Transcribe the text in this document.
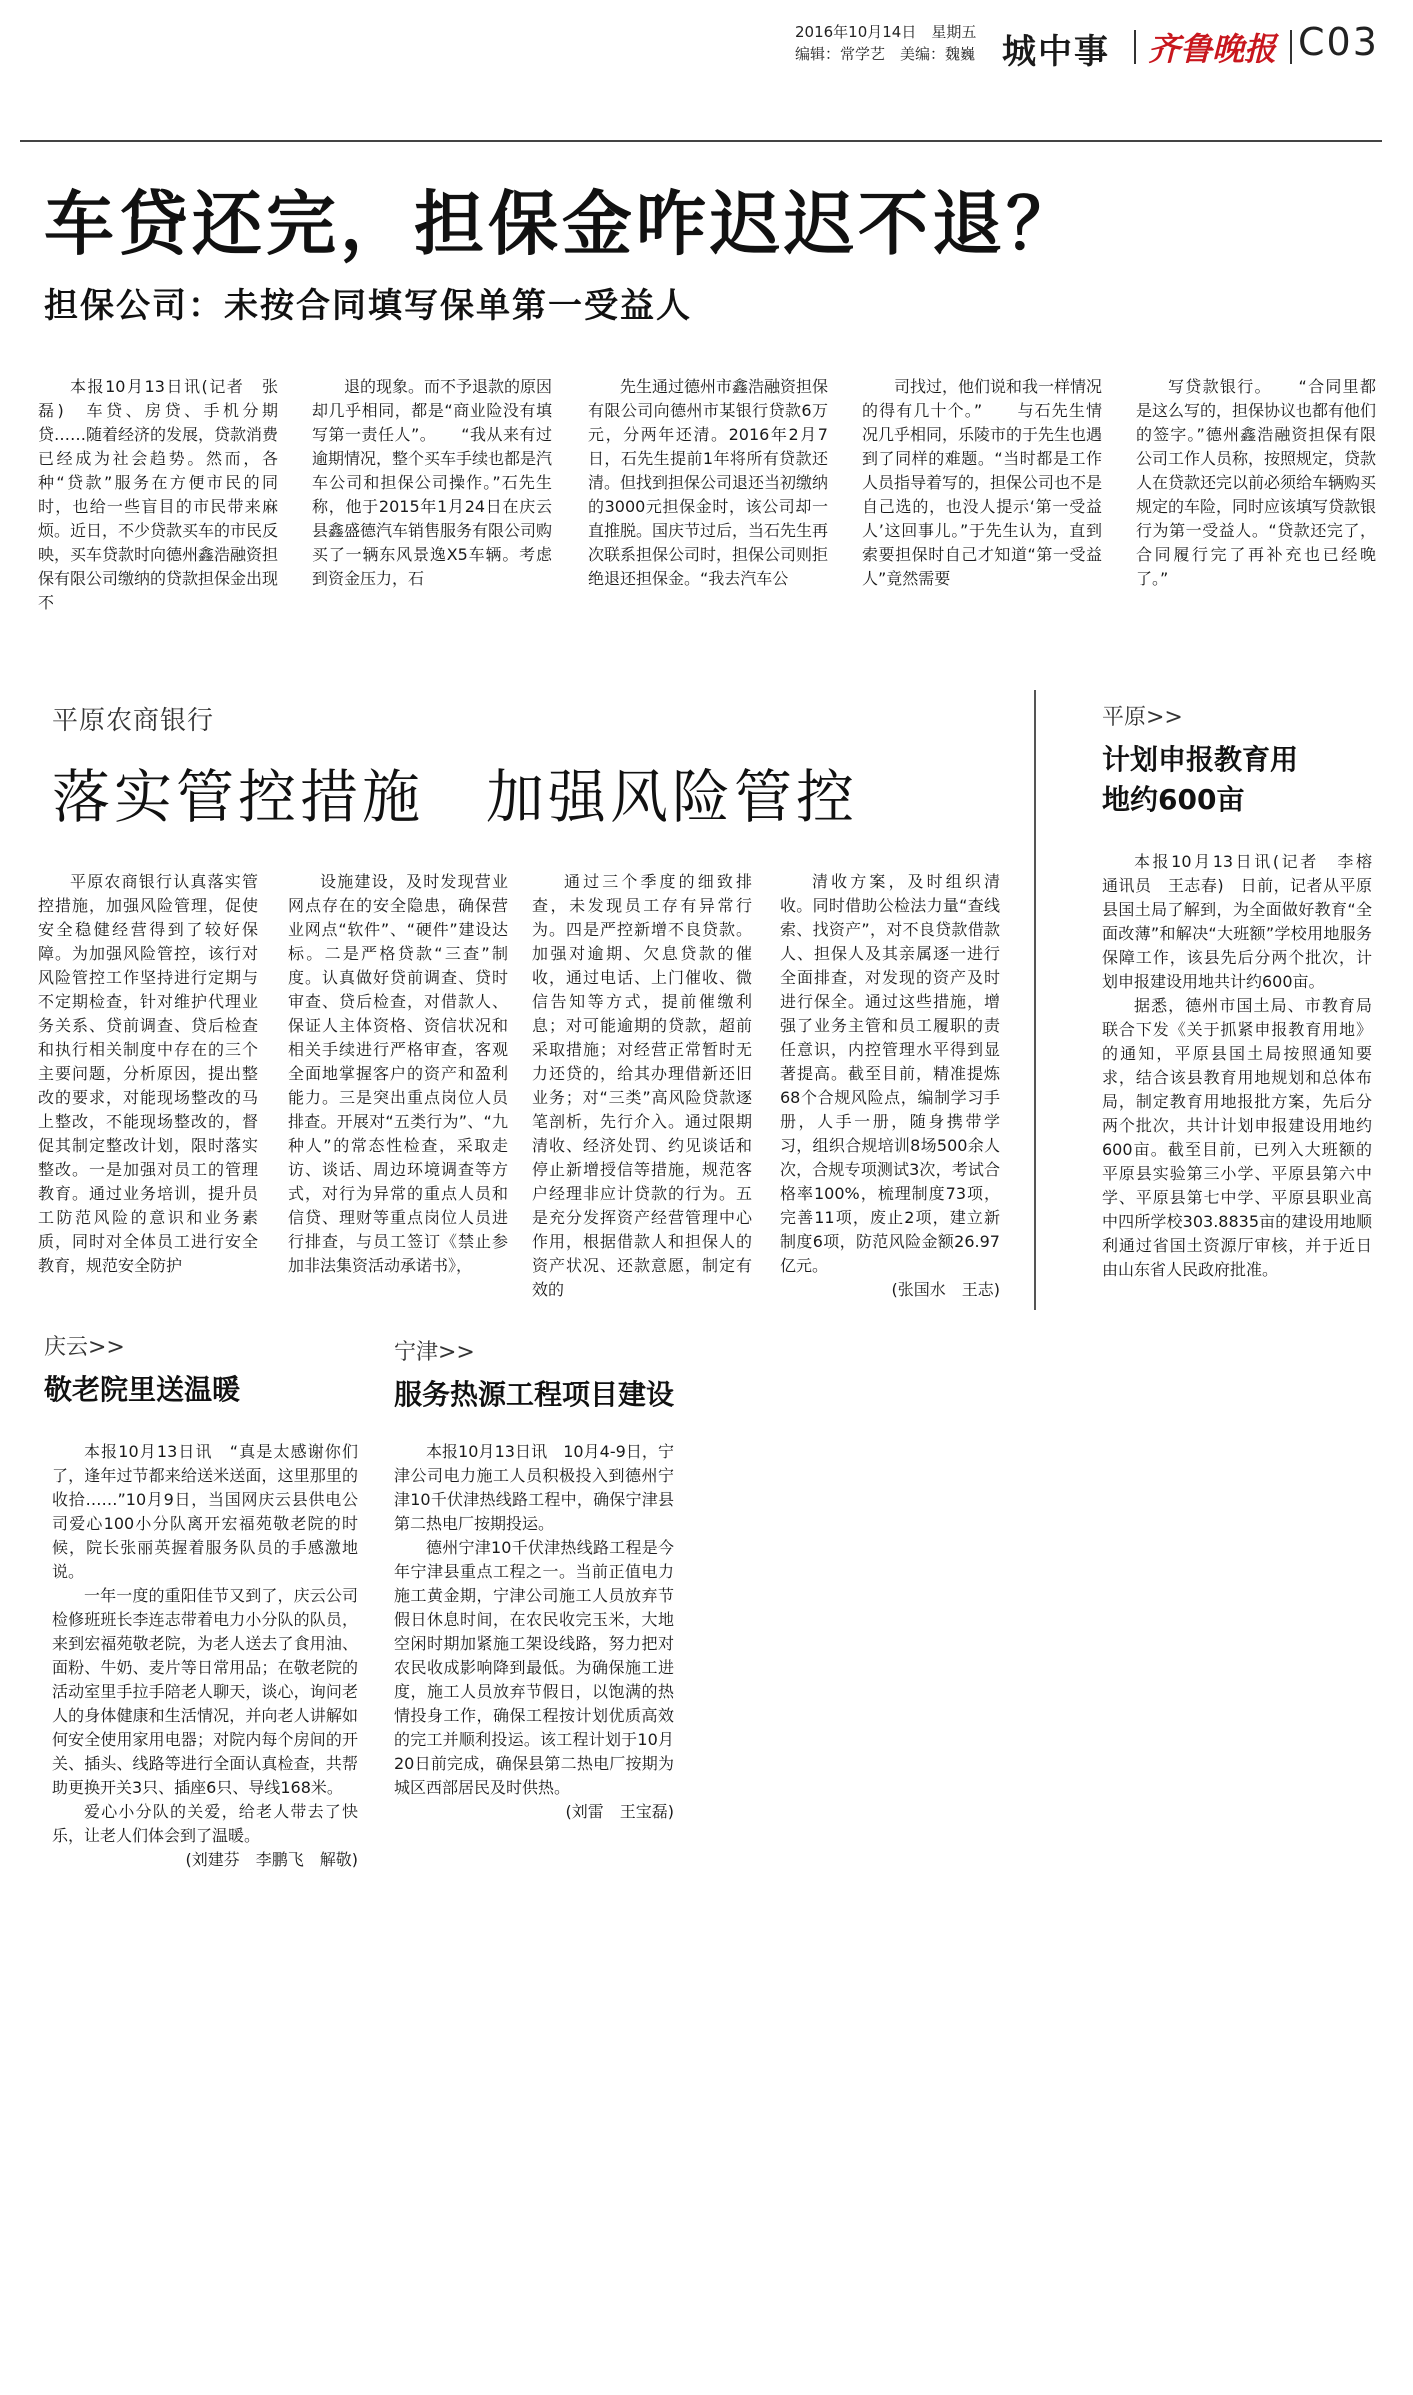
2016年10月14日　星期五
编辑：常学艺　美编：魏巍 城中事 齐鲁晚报 C03
车贷还完，担保金咋迟迟不退？
担保公司：未按合同填写保单第一受益人

本报10月13日讯(记者　张磊)　车贷、房贷、手机分期贷……随着经济的发展，贷款消费已经成为社会趋势。然而，各种“贷款”服务在方便市民的同时，也给一些盲目的市民带来麻烦。近日，不少贷款买车的市民反映，买车贷款时向德州鑫浩融资担保有限公司缴纳的贷款担保金出现不

退的现象。而不予退款的原因却几乎相同，都是“商业险没有填写第一责任人”。　　“我从来有过逾期情况，整个买车手续也都是汽车公司和担保公司操作。”石先生称，他于2015年1月24日在庆云县鑫盛德汽车销售服务有限公司购买了一辆东风景逸X5车辆。考虑到资金压力，石

先生通过德州市鑫浩融资担保有限公司向德州市某银行贷款6万元，分两年还清。2016年2月7日，石先生提前1年将所有贷款还清。但找到担保公司退还当初缴纳的3000元担保金时，该公司却一直推脱。国庆节过后，当石先生再次联系担保公司时，担保公司则拒绝退还担保金。“我去汽车公

司找过，他们说和我一样情况的得有几十个。”　　与石先生情况几乎相同，乐陵市的于先生也遇到了同样的难题。“当时都是工作人员指导着写的，担保公司也不是自己选的，也没人提示‘第一受益人’这回事儿。”于先生认为，直到索要担保时自己才知道“第一受益人”竟然需要

写贷款银行。　　“合同里都是这么写的，担保协议也都有他们的签字。”德州鑫浩融资担保有限公司工作人员称，按照规定，贷款人在贷款还完以前必须给车辆购买规定的车险，同时应该填写贷款银行为第一受益人。“贷款还完了，合同履行完了再补充也已经晚了。”

平原农商银行
落实管控措施　加强风险管控

平原农商银行认真落实管控措施，加强风险管理，促使安全稳健经营得到了较好保障。为加强风险管控，该行对风险管控工作坚持进行定期与不定期检查，针对维护代理业务关系、贷前调查、贷后检查和执行相关制度中存在的三个主要问题，分析原因，提出整改的要求，对能现场整改的马上整改，不能现场整改的，督促其制定整改计划，限时落实整改。一是加强对员工的管理教育。通过业务培训，提升员工防范风险的意识和业务素质，同时对全体员工进行安全教育，规范安全防护

设施建设，及时发现营业网点存在的安全隐患，确保营业网点“软件”、“硬件”建设达标。二是严格贷款“三查”制度。认真做好贷前调查、贷时审查、贷后检查，对借款人、保证人主体资格、资信状况和相关手续进行严格审查，客观全面地掌握客户的资产和盈利能力。三是突出重点岗位人员排查。开展对“五类行为”、“九种人”的常态性检查，采取走访、谈话、周边环境调查等方式，对行为异常的重点人员和信贷、理财等重点岗位人员进行排查，与员工签订《禁止参加非法集资活动承诺书》，

通过三个季度的细致排查，未发现员工存有异常行为。四是严控新增不良贷款。加强对逾期、欠息贷款的催收，通过电话、上门催收、微信告知等方式，提前催缴利息；对可能逾期的贷款，超前采取措施；对经营正常暂时无力还贷的，给其办理借新还旧业务；对“三类”高风险贷款逐笔剖析，先行介入。通过限期清收、经济处罚、约见谈话和停止新增授信等措施，规范客户经理非应计贷款的行为。五是充分发挥资产经营管理中心作用，根据借款人和担保人的资产状况、还款意愿，制定有效的

清收方案，及时组织清收。同时借助公检法力量“查线索、找资产”，对不良贷款借款人、担保人及其亲属逐一进行全面排查，对发现的资产及时进行保全。通过这些措施，增强了业务主管和员工履职的责任意识，内控管理水平得到显著提高。截至目前，精准提炼68个合规风险点，编制学习手册，人手一册，随身携带学习，组织合规培训8场500余人次，合规专项测试3次，考试合格率100%，梳理制度73项，完善11项，废止2项，建立新制度6项，防范风险金额26.97亿元。

(张国水　王志)
平原>>
计划申报教育用地约600亩

本报10月13日讯(记者　李榕　通讯员　王志春)　日前，记者从平原县国土局了解到，为全面做好教育“全面改薄”和解决“大班额”学校用地服务保障工作，该县先后分两个批次，计划申报建设用地共计约600亩。

据悉，德州市国土局、市教育局联合下发《关于抓紧申报教育用地》的通知，平原县国土局按照通知要求，结合该县教育用地规划和总体布局，制定教育用地报批方案，先后分两个批次，共计计划申报建设用地约600亩。截至目前，已列入大班额的平原县实验第三小学、平原县第六中学、平原县第七中学、平原县职业高中四所学校303.8835亩的建设用地顺利通过省国土资源厅审核，并于近日由山东省人民政府批准。

庆云>>
敬老院里送温暖

本报10月13日讯　“真是太感谢你们了，逢年过节都来给送米送面，这里那里的收拾……”10月9日，当国网庆云县供电公司爱心100小分队离开宏福苑敬老院的时候，院长张丽英握着服务队员的手感激地说。

一年一度的重阳佳节又到了，庆云公司检修班班长李连志带着电力小分队的队员，来到宏福苑敬老院，为老人送去了食用油、面粉、牛奶、麦片等日常用品；在敬老院的活动室里手拉手陪老人聊天，谈心，询问老人的身体健康和生活情况，并向老人讲解如何安全使用家用电器；对院内每个房间的开关、插头、线路等进行全面认真检查，共帮助更换开关3只、插座6只、导线168米。

爱心小分队的关爱，给老人带去了快乐，让老人们体会到了温暖。

(刘建芬　李鹏飞　解敬)
宁津>>
服务热源工程项目建设

本报10月13日讯　10月4-9日，宁津公司电力施工人员积极投入到德州宁津10千伏津热线路工程中，确保宁津县第二热电厂按期投运。

德州宁津10千伏津热线路工程是今年宁津县重点工程之一。当前正值电力施工黄金期，宁津公司施工人员放弃节假日休息时间，在农民收完玉米，大地空闲时期加紧施工架设线路，努力把对农民收成影响降到最低。为确保施工进度，施工人员放弃节假日，以饱满的热情投身工作，确保工程按计划优质高效的完工并顺利投运。该工程计划于10月20日前完成，确保县第二热电厂按期为城区西部居民及时供热。

(刘雷　王宝磊)
